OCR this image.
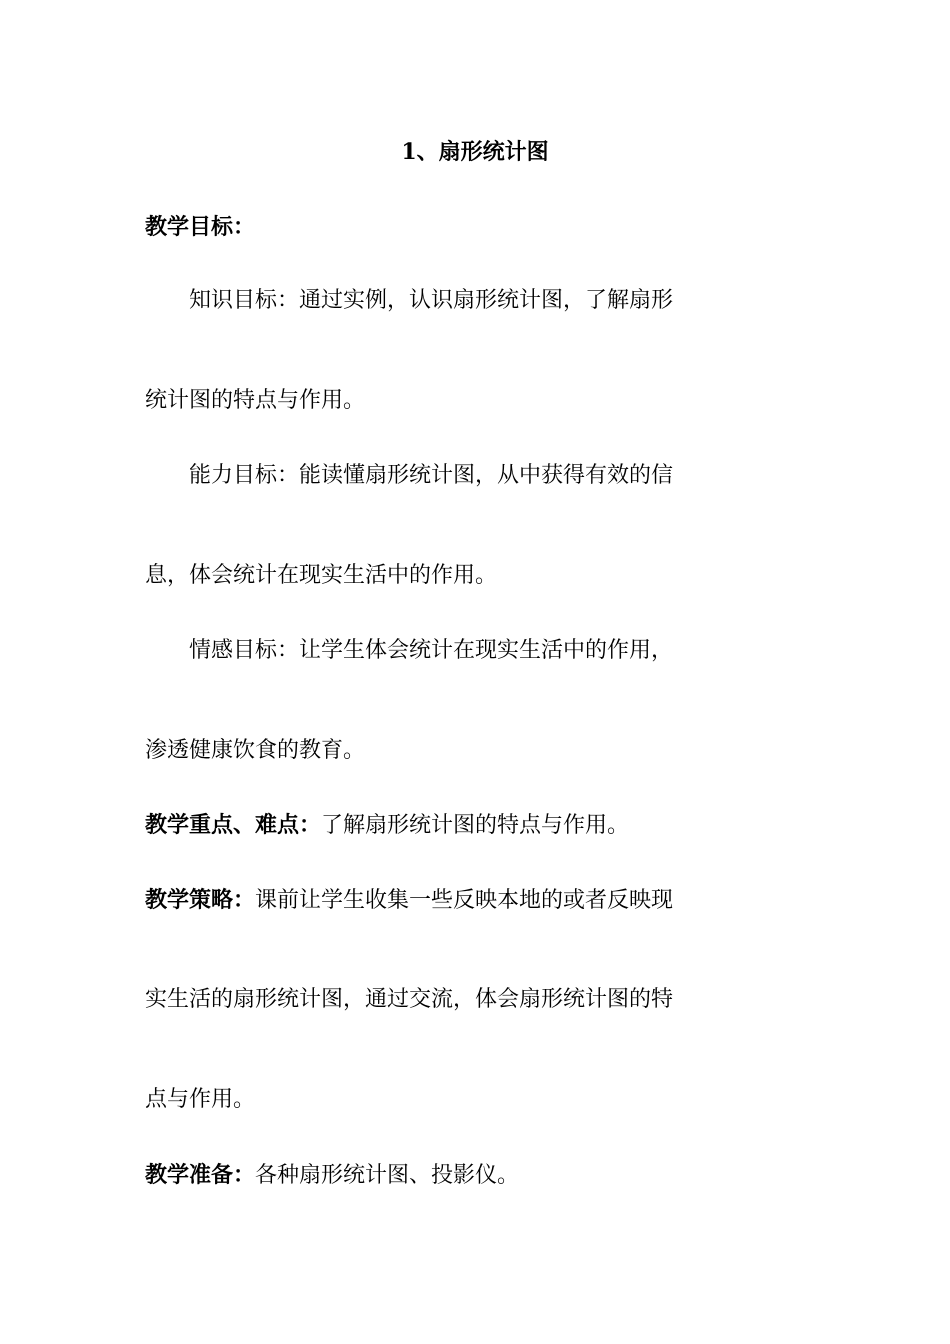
1、扇形统计图

教学目标：

知识目标：通过实例，认识扇形统计图，了解扇形

统计图的特点与作用。

能力目标：能读懂扇形统计图，从中获得有效的信

息，体会统计在现实生活中的作用。

情感目标：让学生体会统计在现实生活中的作用，

渗透健康饮食的教育。

教学重点、难点：了解扇形统计图的特点与作用。

教学策略：课前让学生收集一些反映本地的或者反映现

实生活的扇形统计图，通过交流，体会扇形统计图的特

点与作用。

教学准备：各种扇形统计图、投影仪。
